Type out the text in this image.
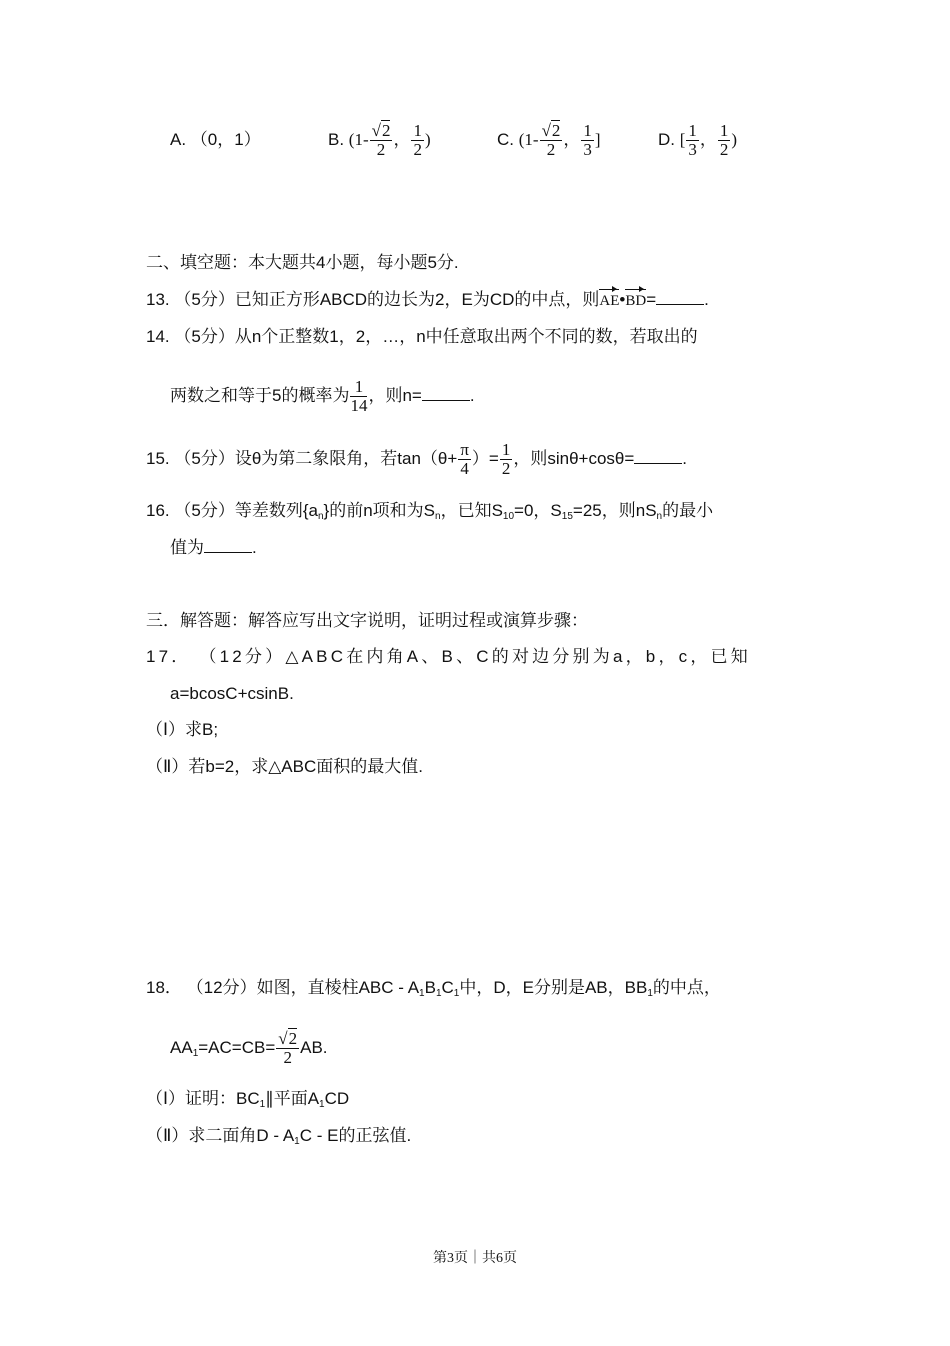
A. （0，1）	B. ($1- \frac{√2}{2}$ ， $\frac{1}{2}$ )	C. ($1- \frac{√2}{2}$ ， $\frac{1}{3}$ ]	D. [ $\frac{1}{3}$ ， $\frac{1}{2}$ )
二、填空题：本大题共4小题，每小题5分.
13. （5分）已知正方形ABCD的边长为2，E为CD的中点，则AE•BD=	.
14. （5分）从n个正整数1，2，…，n中任意取出两个不同的数，若取出的
两数之和等于5的概率为 $\frac{1}{14}$ ，则n=	.
15. （5分）设θ为第二象限角，若$\tan(\theta+ \frac{\pi}{4}$ ）= $\frac{1}{2}$ ，则sinθ+cosθ=	.
16. （5分）等差数列$\{a_n\}$的前n项和为$S_n$，已知$S_{10}=0$，$S_{15}=25$，则$nS_n$的最小
值为	.
三．解答题：解答应写出文字说明，证明过程或演算步骤：
17． （12分）△ABC在内角A、B、C的对边分别为a，b，c，已知
a=bcosC+csinB.
（Ⅰ）求B;
（Ⅱ）若b=2，求△ABC面积的最大值.
18． （12分）如图，直棱柱ABC - $A_1B_1C_1$中，D，E分别是AB，$BB_1$的中点，
$AA_1=AC=CB= \frac{√2}{2}$ AB.
（Ⅰ）证明：$BC_1\parallel$平面$A_1CD$
（Ⅱ）求二面角D - $A_1C$ - E的正弦值.
第3页｜共6页
